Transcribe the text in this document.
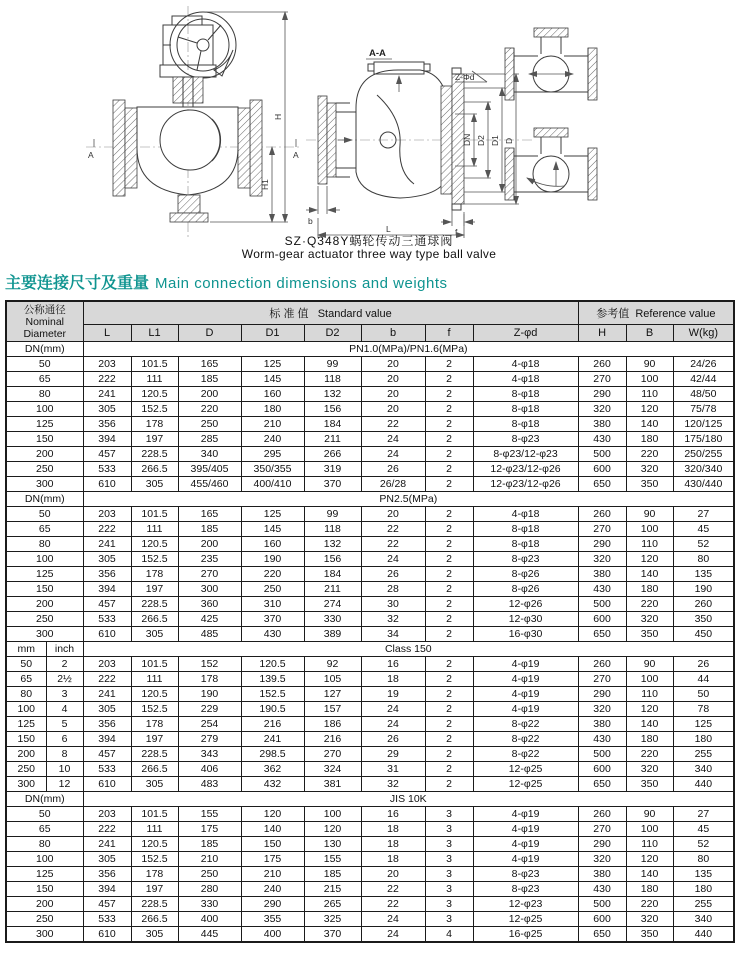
A	A
H
H1
A-A
Z-Φd
DN D2 D1 D
b
f
L
SZ·Q348Y蜗轮传动三通球阀
Worm-gear actuator three way type ball valve
主要连接尺寸及重量 Main connection dimensions and weights
公称通径
Nominal
Diameter		标 准 值 Standard value								参考值 Reference value		
		L	L1	D	D1	D2	b	f	Z-φd	H	B	W(kg)
DN(mm)		PN1.0(MPa)/PN1.6(MPa)										
50		203	101.5	165	125	99	20	2	4-φ18	260	90	24/26
65		222	111	185	145	118	20	2	4-φ18	270	100	42/44
80		241	120.5	200	160	132	20	2	8-φ18	290	110	48/50
100		305	152.5	220	180	156	20	2	8-φ18	320	120	75/78
125		356	178	250	210	184	22	2	8-φ18	380	140	120/125
150		394	197	285	240	211	24	2	8-φ23	430	180	175/180
200		457	228.5	340	295	266	24	2	8-φ23/12-φ23	500	220	250/255
250		533	266.5	395/405	350/355	319	26	2	12-φ23/12-φ26	600	320	320/340
300		610	305	455/460	400/410	370	26/28	2	12-φ23/12-φ26	650	350	430/440
DN(mm)		PN2.5(MPa)										
50		203	101.5	165	125	99	20	2	4-φ18	260	90	27
65		222	111	185	145	118	22	2	8-φ18	270	100	45
80		241	120.5	200	160	132	22	2	8-φ18	290	110	52
100		305	152.5	235	190	156	24	2	8-φ23	320	120	80
125		356	178	270	220	184	26	2	8-φ26	380	140	135
150		394	197	300	250	211	28	2	8-φ26	430	180	190
200		457	228.5	360	310	274	30	2	12-φ26	500	220	260
250		533	266.5	425	370	330	32	2	12-φ30	600	320	350
300		610	305	485	430	389	34	2	16-φ30	650	350	450
mm	inch	Class 150										
50	2	203	101.5	152	120.5	92	16	2	4-φ19	260	90	26
65	2½	222	111	178	139.5	105	18	2	4-φ19	270	100	44
80	3	241	120.5	190	152.5	127	19	2	4-φ19	290	110	50
100	4	305	152.5	229	190.5	157	24	2	4-φ19	320	120	78
125	5	356	178	254	216	186	24	2	8-φ22	380	140	125
150	6	394	197	279	241	216	26	2	8-φ22	430	180	180
200	8	457	228.5	343	298.5	270	29	2	8-φ22	500	220	255
250	10	533	266.5	406	362	324	31	2	12-φ25	600	320	340
300	12	610	305	483	432	381	32	2	12-φ25	650	350	440
DN(mm)		JIS 10K										
50		203	101.5	155	120	100	16	3	4-φ19	260	90	27
65		222	111	175	140	120	18	3	4-φ19	270	100	45
80		241	120.5	185	150	130	18	3	4-φ19	290	110	52
100		305	152.5	210	175	155	18	3	4-φ19	320	120	80
125		356	178	250	210	185	20	3	8-φ23	380	140	135
150		394	197	280	240	215	22	3	8-φ23	430	180	180
200		457	228.5	330	290	265	22	3	12-φ23	500	220	255
250		533	266.5	400	355	325	24	3	12-φ25	600	320	340
300		610	305	445	400	370	24	4	16-φ25	650	350	440
